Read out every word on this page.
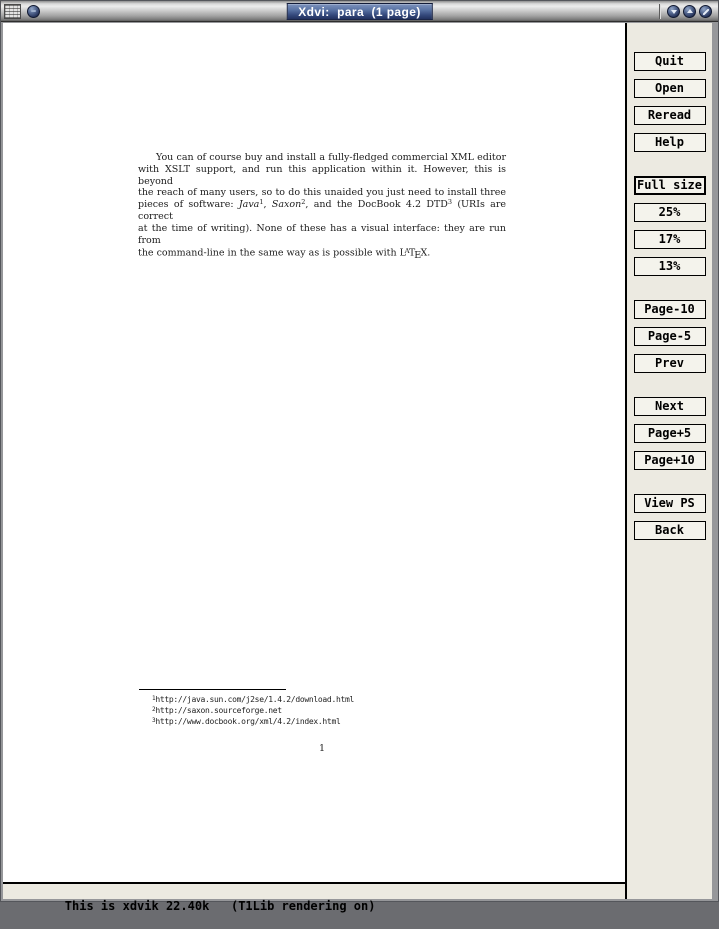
Xdvi:  para  (1 page)
You can of course buy and install a fully-fledged commercial XML editor
with XSLT support, and run this application within it. However, this is beyond
the reach of many users, so to do this unaided you just need to install three
pieces of software: Java$^1$, Saxon$^2$, and the DocBook 4.2 DTD$^3$ (URIs are correct
at the time of writing). None of these has a visual interface: they are run from
the command-line in the same way as is possible with $L^ATEX$.
$^1$http://java.sun.com/j2se/1.4.2/download.html
$^2$http://saxon.sourceforge.net
$^3$http://www.docbook.org/xml/4.2/index.html
1

This is xdvik 22.40k   (T1Lib rendering on)

Quit
Open
Reread
Help
Full size
25%
17%
13%
Page-10
Page-5
Prev
Next
Page+5
Page+10
View PS
Back
